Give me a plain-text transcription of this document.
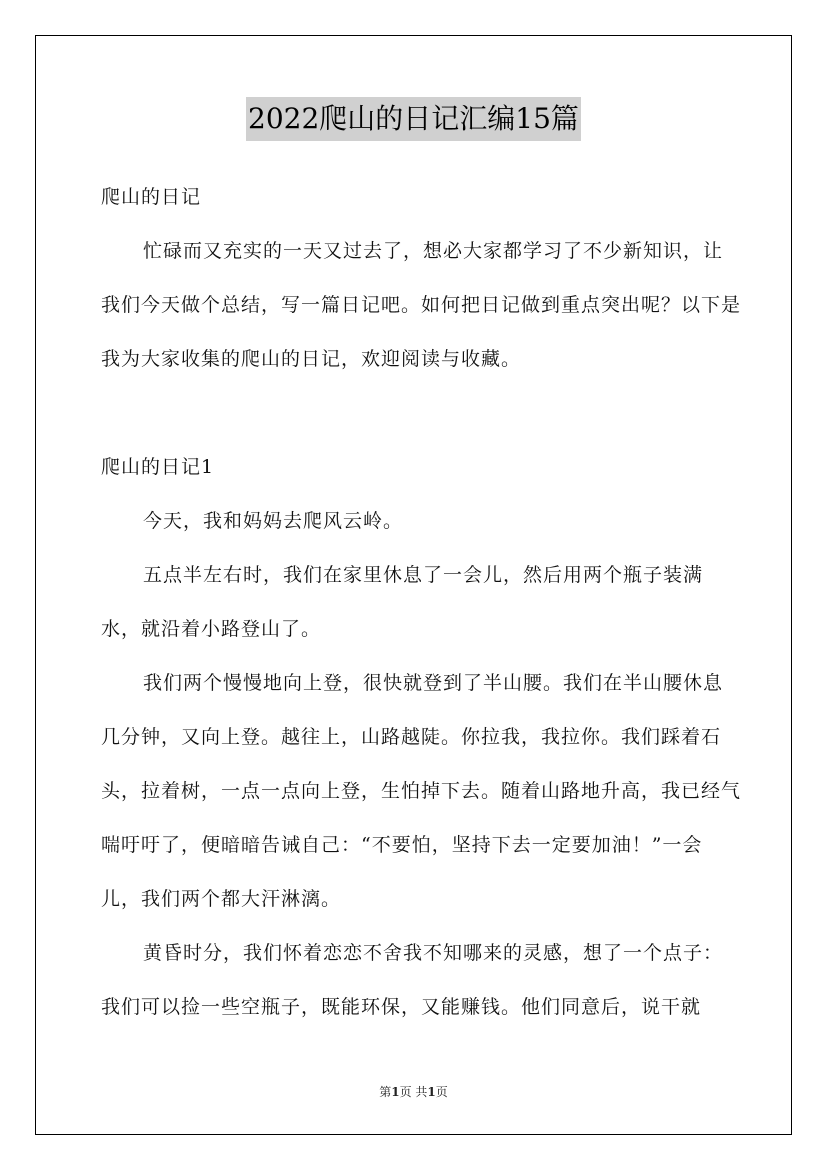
2022爬山的日记汇编15篇

爬山的日记

忙碌而又充实的一天又过去了，想必大家都学习了不少新知识，让我们今天做个总结，写一篇日记吧。如何把日记做到重点突出呢？以下是我为大家收集的爬山的日记，欢迎阅读与收藏。

爬山的日记1

今天，我和妈妈去爬风云岭。

五点半左右时，我们在家里休息了一会儿，然后用两个瓶子装满水，就沿着小路登山了。

我们两个慢慢地向上登，很快就登到了半山腰。我们在半山腰休息几分钟，又向上登。越往上，山路越陡。你拉我，我拉你。我们踩着石头，拉着树，一点一点向上登，生怕掉下去。随着山路地升高，我已经气喘吁吁了，便暗暗告诫自己：“不要怕，坚持下去一定要加油！”一会儿，我们两个都大汗淋漓。

黄昏时分，我们怀着恋恋不舍我不知哪来的灵感，想了一个点子：我们可以捡一些空瓶子，既能环保，又能赚钱。他们同意后，说干就

第1页 共1页
